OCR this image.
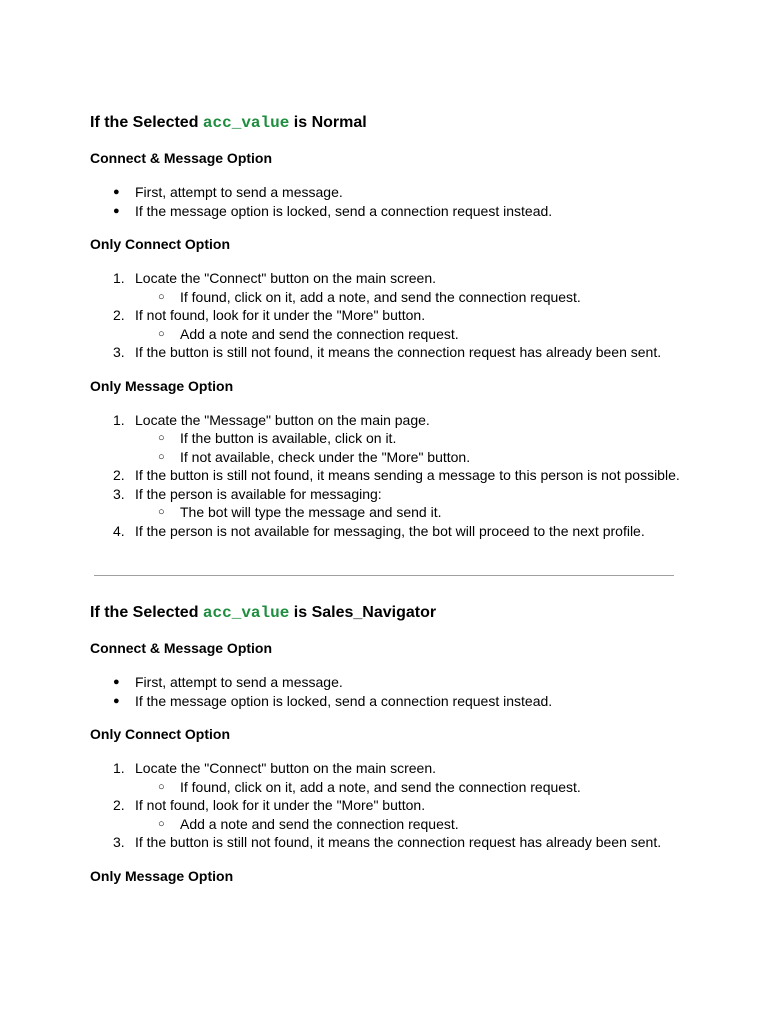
If the Selected acc_value is Normal
Connect & Message Option
● First, attempt to send a message.
● If the message option is locked, send a connection request instead.
Only Connect Option
Locate the "Connect" button on the main screen.
○ If found, click on it, add a note, and send the connection request.
If not found, look for it under the "More" button.
○ Add a note and send the connection request.
If the button is still not found, it means the connection request has already been sent.
Only Message Option
Locate the "Message" button on the main page.
○ If the button is available, click on it.
○ If not available, check under the "More" button.
If the button is still not found, it means sending a message to this person is not possible.
If the person is available for messaging:
○ The bot will type the message and send it.
If the person is not available for messaging, the bot will proceed to the next profile.
If the Selected acc_value is Sales_Navigator
Connect & Message Option
● First, attempt to send a message.
● If the message option is locked, send a connection request instead.
Only Connect Option
Locate the "Connect" button on the main screen.
○ If found, click on it, add a note, and send the connection request.
If not found, look for it under the "More" button.
○ Add a note and send the connection request.
If the button is still not found, it means the connection request has already been sent.
Only Message Option
